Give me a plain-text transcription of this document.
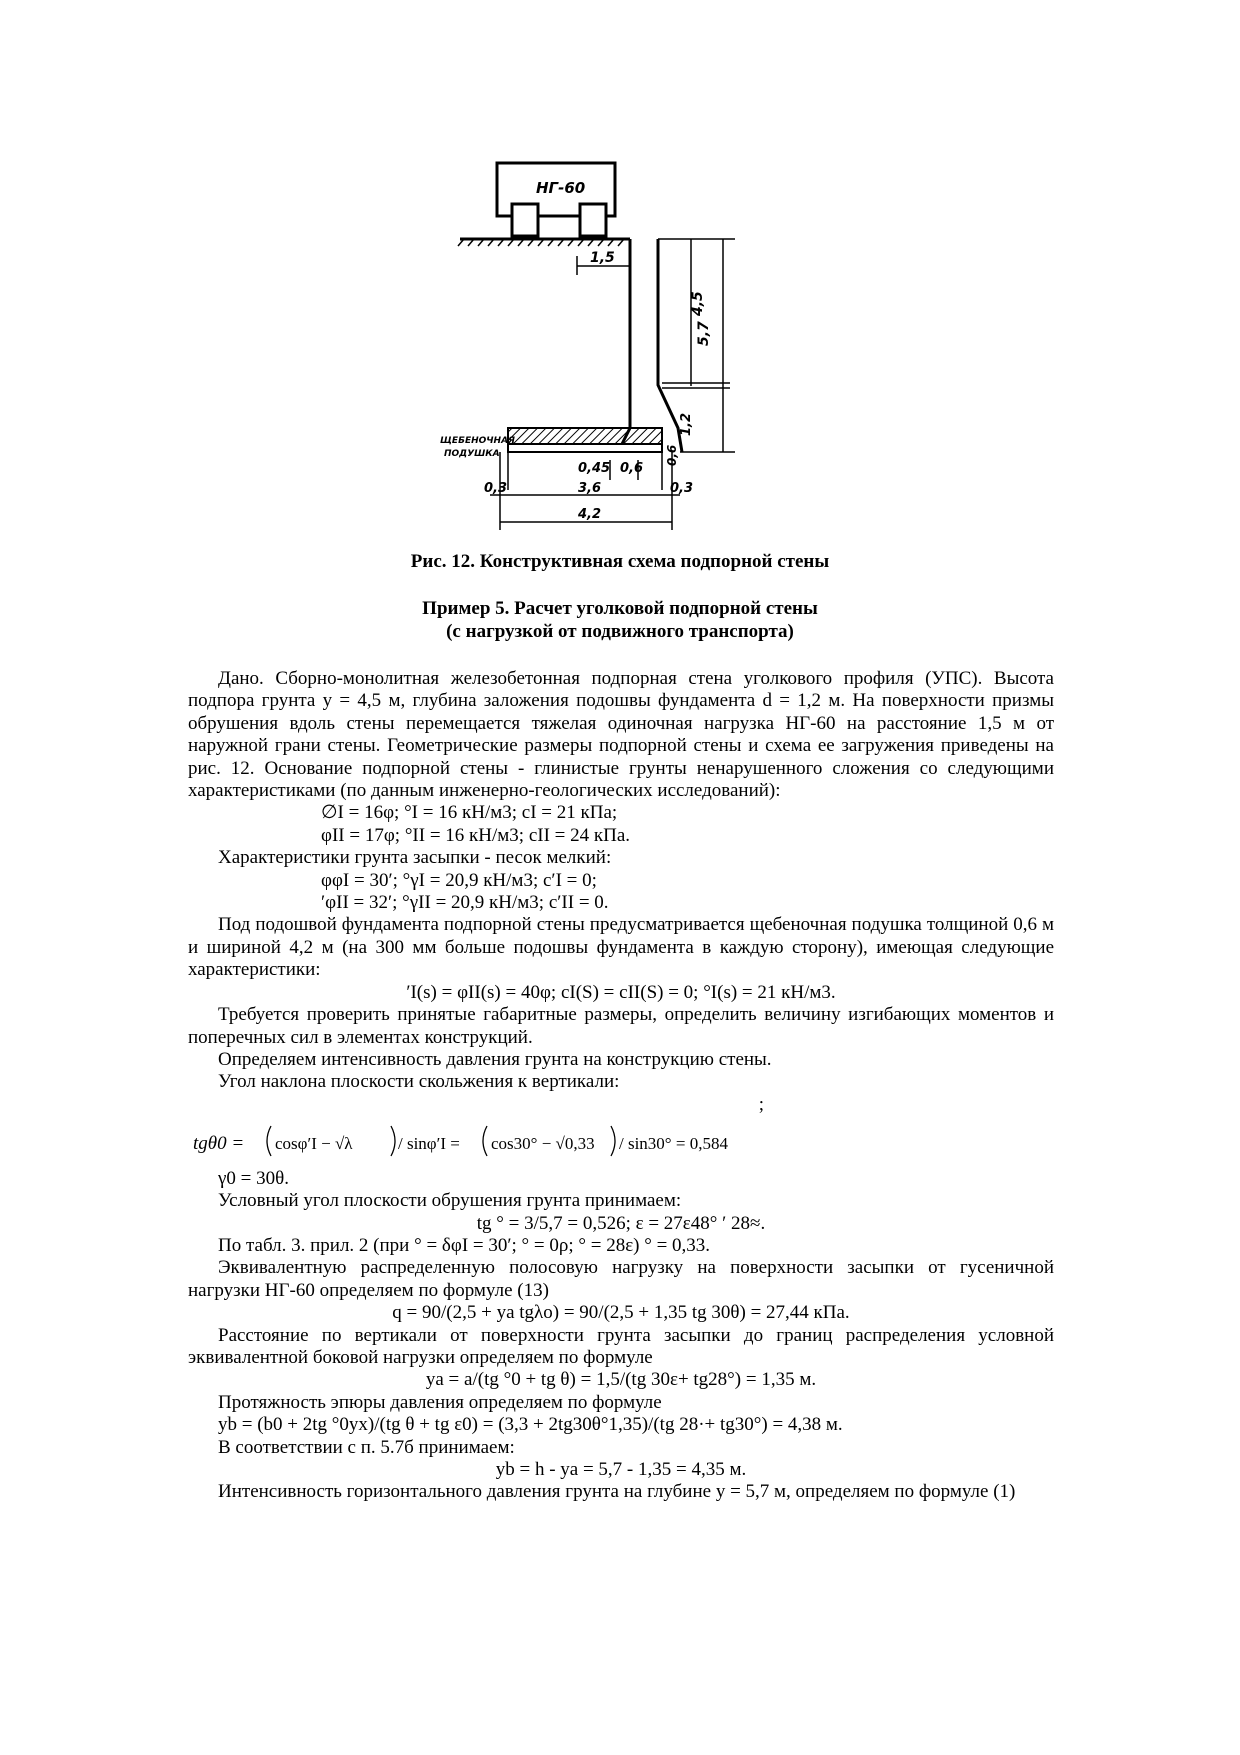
НГ-60
1,5
4,5
5,7
1,2
0,6
ЩЕБЕНОЧНАЯ
ПОДУШКА
0,45 0,6
0,3	3,6	0,3
4,2
Рис. 12. Конструктивная схема подпорной стены
Пример 5. Расчет уголковой подпорной стены
(с нагрузкой от подвижного транспорта)

Дано. Сборно-монолитная железобетонная подпорная стена уголкового профиля (УПС). Высота подпора грунта y = 4,5 м, глубина заложения подошвы фундамента d = 1,2 м. На поверхности призмы обрушения вдоль стены перемещается тяжелая одиночная нагрузка НГ-60 на расстояние 1,5 м от наружной грани стены. Геометрические размеры подпорной стены и схема ее загружения приведены на рис. 12. Основание подпорной стены - глинистые грунты ненарушенного сложения со следующими характеристиками (по данным инженерно-геологических исследований):

∅I = 16φ; °I = 16 кН/м3; cI = 21 кПа;

φII = 17φ; °II = 16 кН/м3; cII = 24 кПа.

Характеристики грунта засыпки - песок мелкий:

φφI = 30′; °γI = 20,9 кН/м3; c′I = 0;

′φII = 32′; °γII = 20,9 кН/м3; c′II = 0.

Под подошвой фундамента подпорной стены предусматривается щебеночная подушка толщиной 0,6 м и шириной 4,2 м (на 300 мм больше подошвы фундамента в каждую сторону), имеющая следующие характеристики:

′I(s) = φII(s) = 40φ; cI(S) = cII(S) = 0; °I(s) = 21 кН/м3.

Требуется проверить принятые габаритные размеры, определить величину изгибающих моментов и поперечных сил в элементах конструкций.

Определяем интенсивность давления грунта на конструкцию стены.

Угол наклона плоскости скольжения к вертикали:

;

tgθ0 = cosφ′I − √λ	/ sinφ′I = cos30° − √0,33 / sin30° = 0,584

γ0 = 30θ.

Условный угол плоскости обрушения грунта принимаем:

tg ° = 3/5,7 = 0,526; ε = 27ε48° ′ 28≈.

По табл. 3. прил. 2 (при ° = δφI = 30′; ° = 0ρ; ° = 28ε) ° = 0,33.

Эквивалентную распределенную полосовую нагрузку на поверхности засыпки от гусеничной нагрузки НГ-60 определяем по формуле (13)

q = 90/(2,5 + ya tgλo) = 90/(2,5 + 1,35 tg 30θ) = 27,44 кПа.

Расстояние по вертикали от поверхности грунта засыпки до границ распределения условной эквивалентной боковой нагрузки определяем по формуле

ya = a/(tg °0 + tg θ) = 1,5/(tg 30ε+ tg28°) = 1,35 м.

Протяжность эпюры давления определяем по формуле

yb = (b0 + 2tg °0yx)/(tg θ + tg ε0) = (3,3 + 2tg30θ°1,35)/(tg 28·+ tg30°) = 4,38 м.

В соответствии с п. 5.7б принимаем:

yb = h - ya = 5,7 - 1,35 = 4,35 м.

Интенсивность горизонтального давления грунта на глубине y = 5,7 м, определяем по формуле (1)
